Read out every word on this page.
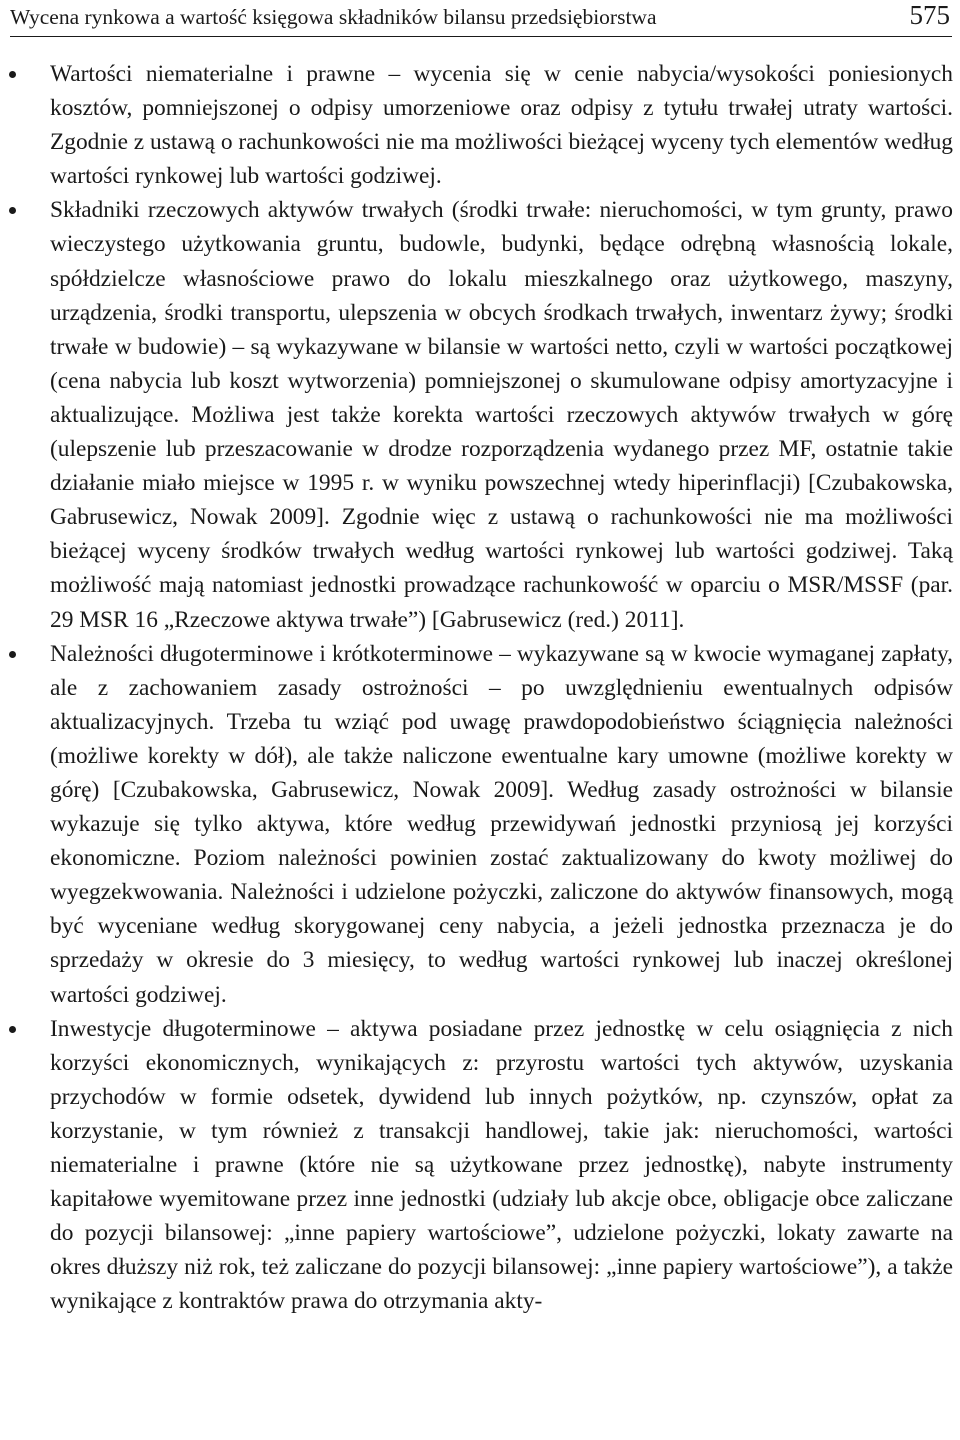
Wycena rynkowa a wartość księgowa składników bilansu przedsiębiorstwa	575
Wartości niematerialne i prawne – wycenia się w cenie nabycia/wysokości poniesionych kosztów, pomniejszonej o odpisy umorzeniowe oraz odpisy z tytułu trwałej utraty wartości. Zgodnie z ustawą o rachunkowości nie ma możliwości bieżącej wyceny tych elementów według wartości rynkowej lub wartości godziwej.
Składniki rzeczowych aktywów trwałych (środki trwałe: nieruchomości, w tym grunty, prawo wieczystego użytkowania gruntu, budowle, budynki, będące odrębną własnością lokale, spółdzielcze własnościowe prawo do lokalu mieszkalnego oraz użytkowego, maszyny, urządzenia, środki transportu, ulepszenia w obcych środkach trwałych, inwentarz żywy; środki trwałe w budowie) – są wykazywane w bilansie w wartości netto, czyli w wartości początkowej (cena nabycia lub koszt wytworzenia) pomniejszonej o skumulowane odpisy amortyzacyjne i aktualizujące. Możliwa jest także korekta wartości rzeczowych aktywów trwałych w górę (ulepszenie lub przeszacowanie w drodze rozporządzenia wydanego przez MF, ostatnie takie działanie miało miejsce w 1995 r. w wyniku powszechnej wtedy hiperinflacji) [Czubakowska, Gabrusewicz, Nowak 2009]. Zgodnie więc z ustawą o rachunkowości nie ma możliwości bieżącej wyceny środków trwałych według wartości rynkowej lub wartości godziwej. Taką możliwość mają natomiast jednostki prowadzące rachunkowość w oparciu o MSR/MSSF (par. 29 MSR 16 „Rzeczowe aktywa trwałe”) [Gabrusewicz (red.) 2011].
Należności długoterminowe i krótkoterminowe – wykazywane są w kwocie wymaganej zapłaty, ale z zachowaniem zasady ostrożności – po uwzględnieniu ewentualnych odpisów aktualizacyjnych. Trzeba tu wziąć pod uwagę prawdopodobieństwo ściągnięcia należności (możliwe korekty w dół), ale także naliczone ewentualne kary umowne (możliwe korekty w górę) [Czubakowska, Gabrusewicz, Nowak 2009]. Według zasady ostrożności w bilansie wykazuje się tylko aktywa, które według przewidywań jednostki przyniosą jej korzyści ekonomiczne. Poziom należności powinien zostać zaktualizowany do kwoty możliwej do wyegzekwowania. Należności i udzielone pożyczki, zaliczone do aktywów finansowych, mogą być wyceniane według skorygowanej ceny nabycia, a jeżeli jednostka przeznacza je do sprzedaży w okresie do 3 miesięcy, to według wartości rynkowej lub inaczej określonej wartości godziwej.
Inwestycje długoterminowe – aktywa posiadane przez jednostkę w celu osiągnięcia z nich korzyści ekonomicznych, wynikających z: przyrostu wartości tych aktywów, uzyskania przychodów w formie odsetek, dywidend lub innych pożytków, np. czynszów, opłat za korzystanie, w tym również z transakcji handlowej, takie jak: nieruchomości, wartości niematerialne i prawne (które nie są użytkowane przez jednostkę), nabyte instrumenty kapitałowe wyemitowane przez inne jednostki (udziały lub akcje obce, obligacje obce zaliczane do pozycji bilansowej: „inne papiery wartościowe”, udzielone pożyczki, lokaty zawarte na okres dłuższy niż rok, też zaliczane do pozycji bilansowej: „inne papiery wartościowe”), a także wynikające z kontraktów prawa do otrzymania akty-
